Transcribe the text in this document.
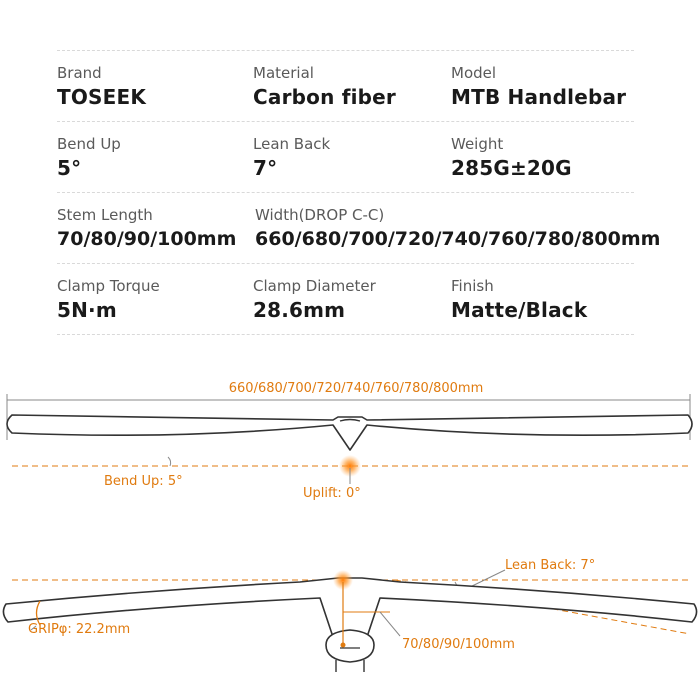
Brand
TOSEEK
Material
Carbon fiber
Model
MTB Handlebar
Bend Up
5°
Lean Back
7°
Weight
285G±20G
Stem Length
70/80/90/100mm
Width(DROP C-C)
660/680/700/720/740/760/780/800mm
Clamp Torque
5N·m
Clamp Diameter
28.6mm
Finish
Matte/Black
660/680/700/720/740/760/780/800mm
Bend Up: 5°
Uplift: 0°
Lean Back: 7°
GRIPφ: 22.2mm
70/80/90/100mm
